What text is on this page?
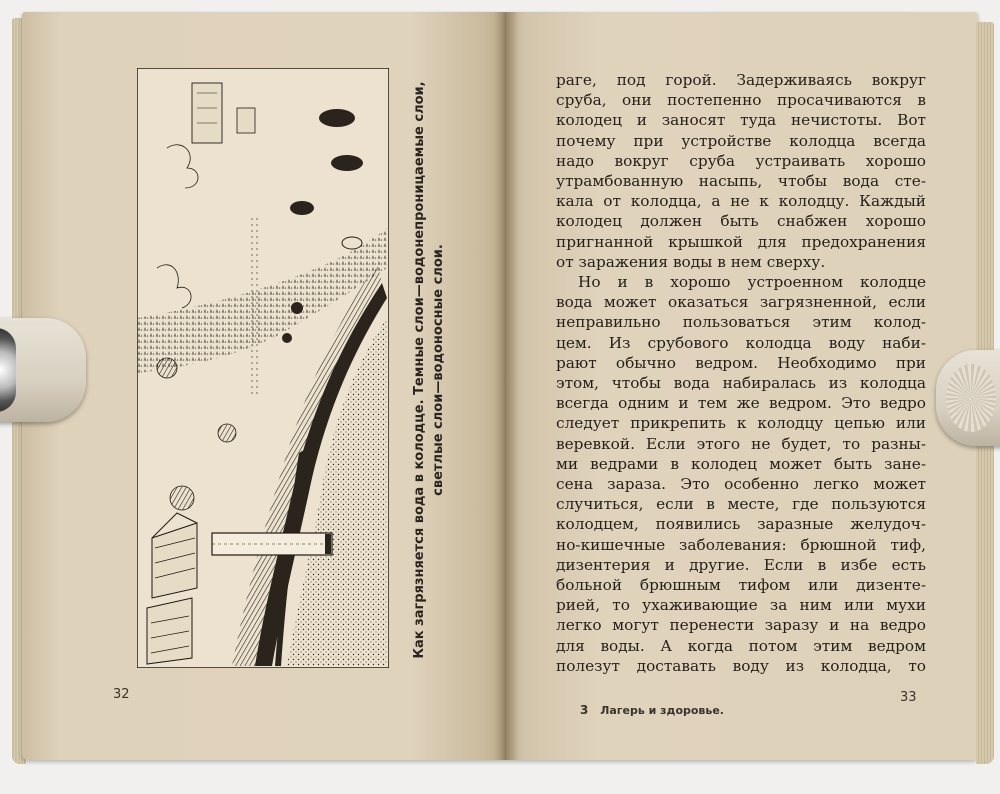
Как загрязняется вода в колодце. Темные слои—водонепроницаемые слои, светлые слои—водоносные слои.
32
раге, под горой. Задерживаясь вокруг
сруба, они постепенно просачиваются в
колодец и заносят туда нечистоты. Вот
почему при устройстве колодца всегда
надо вокруг сруба устраивать хорошо
утрамбованную насыпь, чтобы вода сте-
кала от колодца, а не к колодцу. Каждый
колодец должен быть снабжен хорошо
пригнанной крышкой для предохранения
от заражения воды в нем сверху.
Но и в хорошо устроенном колодце
вода может оказаться загрязненной, если
неправильно пользоваться этим колод-
цем. Из срубового колодца воду наби-
рают обычно ведром. Необходимо при
этом, чтобы вода набиралась из колодца
всегда одним и тем же ведром. Это ведро
следует прикрепить к колодцу цепью или
веревкой. Если этого не будет, то разны-
ми ведрами в колодец может быть зане-
сена зараза. Это особенно легко может
случиться, если в месте, где пользуются
колодцем, появились заразные желудоч-
но-кишечные заболевания: брюшной тиф,
дизентерия и другие. Если в избе есть
больной брюшным тифом или дизенте-
рией, то ухаживающие за ним или мухи
легко могут перенести заразу и на ведро
для воды. А когда потом этим ведром
полезут доставать воду из колодца, то
33
3 Лагерь и здоровье.
